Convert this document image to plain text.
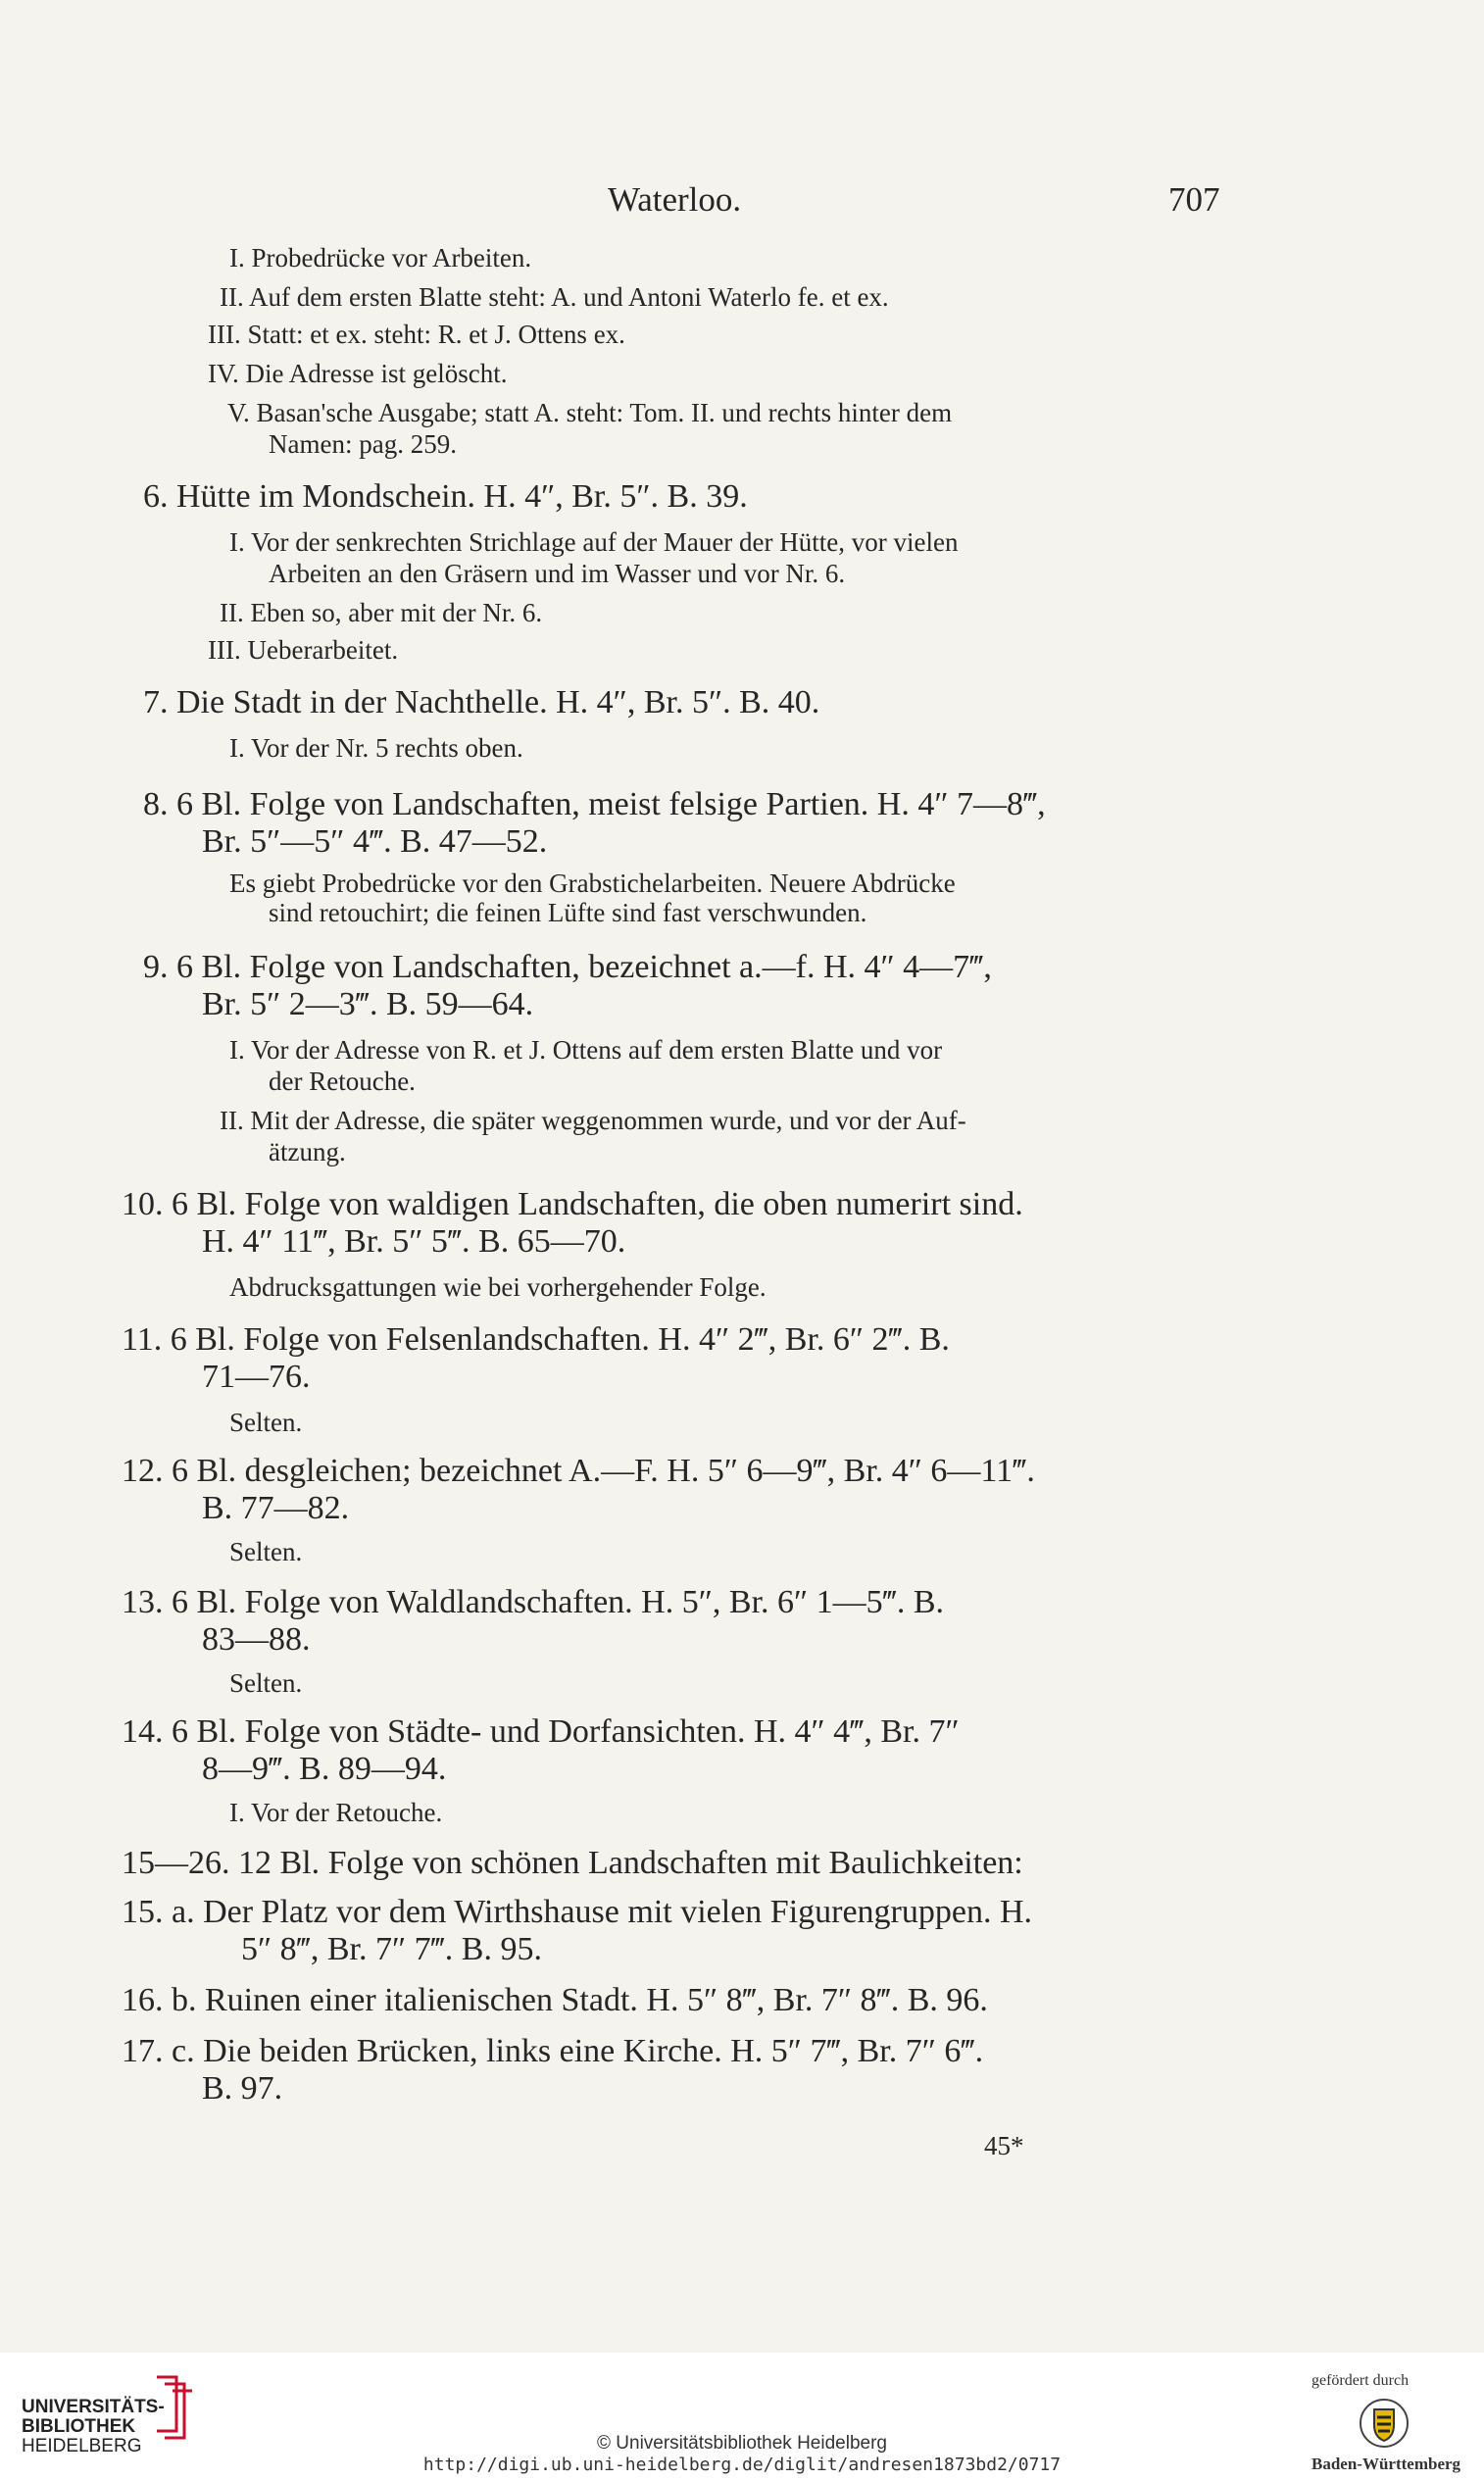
Waterloo.	707
I. Probedrücke vor Arbeiten.
II. Auf dem ersten Blatte steht: A. und Antoni Waterlo fe. et ex.
III. Statt: et ex. steht: R. et J. Ottens ex.
IV. Die Adresse ist gelöscht.
V. Basan'sche Ausgabe; statt A. steht: Tom. II. und rechts hinter dem
Namen: pag. 259.
6. Hütte im Mondschein. H. 4″, Br. 5″. B. 39.
I. Vor der senkrechten Strichlage auf der Mauer der Hütte, vor vielen
Arbeiten an den Gräsern und im Wasser und vor Nr. 6.
II. Eben so, aber mit der Nr. 6.
III. Ueberarbeitet.
7. Die Stadt in der Nachthelle. H. 4″, Br. 5″. B. 40.
I. Vor der Nr. 5 rechts oben.
8. 6 Bl. Folge von Landschaften, meist felsige Partien. H. 4″ 7—8‴,
Br. 5″—5″ 4‴. B. 47—52.
Es giebt Probedrücke vor den Grabstichelarbeiten. Neuere Abdrücke
sind retouchirt; die feinen Lüfte sind fast verschwunden.
9. 6 Bl. Folge von Landschaften, bezeichnet a.—f. H. 4″ 4—7‴,
Br. 5″ 2—3‴. B. 59—64.
I. Vor der Adresse von R. et J. Ottens auf dem ersten Blatte und vor
der Retouche.
II. Mit der Adresse, die später weggenommen wurde, und vor der Auf-
ätzung.
10. 6 Bl. Folge von waldigen Landschaften, die oben numerirt sind.
H. 4″ 11‴, Br. 5″ 5‴. B. 65—70.
Abdrucksgattungen wie bei vorhergehender Folge.
11. 6 Bl. Folge von Felsenlandschaften. H. 4″ 2‴, Br. 6″ 2‴. B.
71—76.
Selten.
12. 6 Bl. desgleichen; bezeichnet A.—F. H. 5″ 6—9‴, Br. 4″ 6—11‴.
B. 77—82.
Selten.
13. 6 Bl. Folge von Waldlandschaften. H. 5″, Br. 6″ 1—5‴. B.
83—88.
Selten.
14. 6 Bl. Folge von Städte- und Dorfansichten. H. 4″ 4‴, Br. 7″
8—9‴. B. 89—94.
I. Vor der Retouche.
15—26. 12 Bl. Folge von schönen Landschaften mit Baulichkeiten:
15. a. Der Platz vor dem Wirthshause mit vielen Figurengruppen. H.
5″ 8‴, Br. 7″ 7‴. B. 95.
16. b. Ruinen einer italienischen Stadt. H. 5″ 8‴, Br. 7″ 8‴. B. 96.
17. c. Die beiden Brücken, links eine Kirche. H. 5″ 7‴, Br. 7″ 6‴.
B. 97.
45*
UNIVERSITÄTS-
BIBLIOTHEK
HEIDELBERG	© Universitätsbibliothek Heidelberg
http://digi.ub.uni-heidelberg.de/diglit/andresen1873bd2/0717
gefördert durch
Baden-Württemberg
